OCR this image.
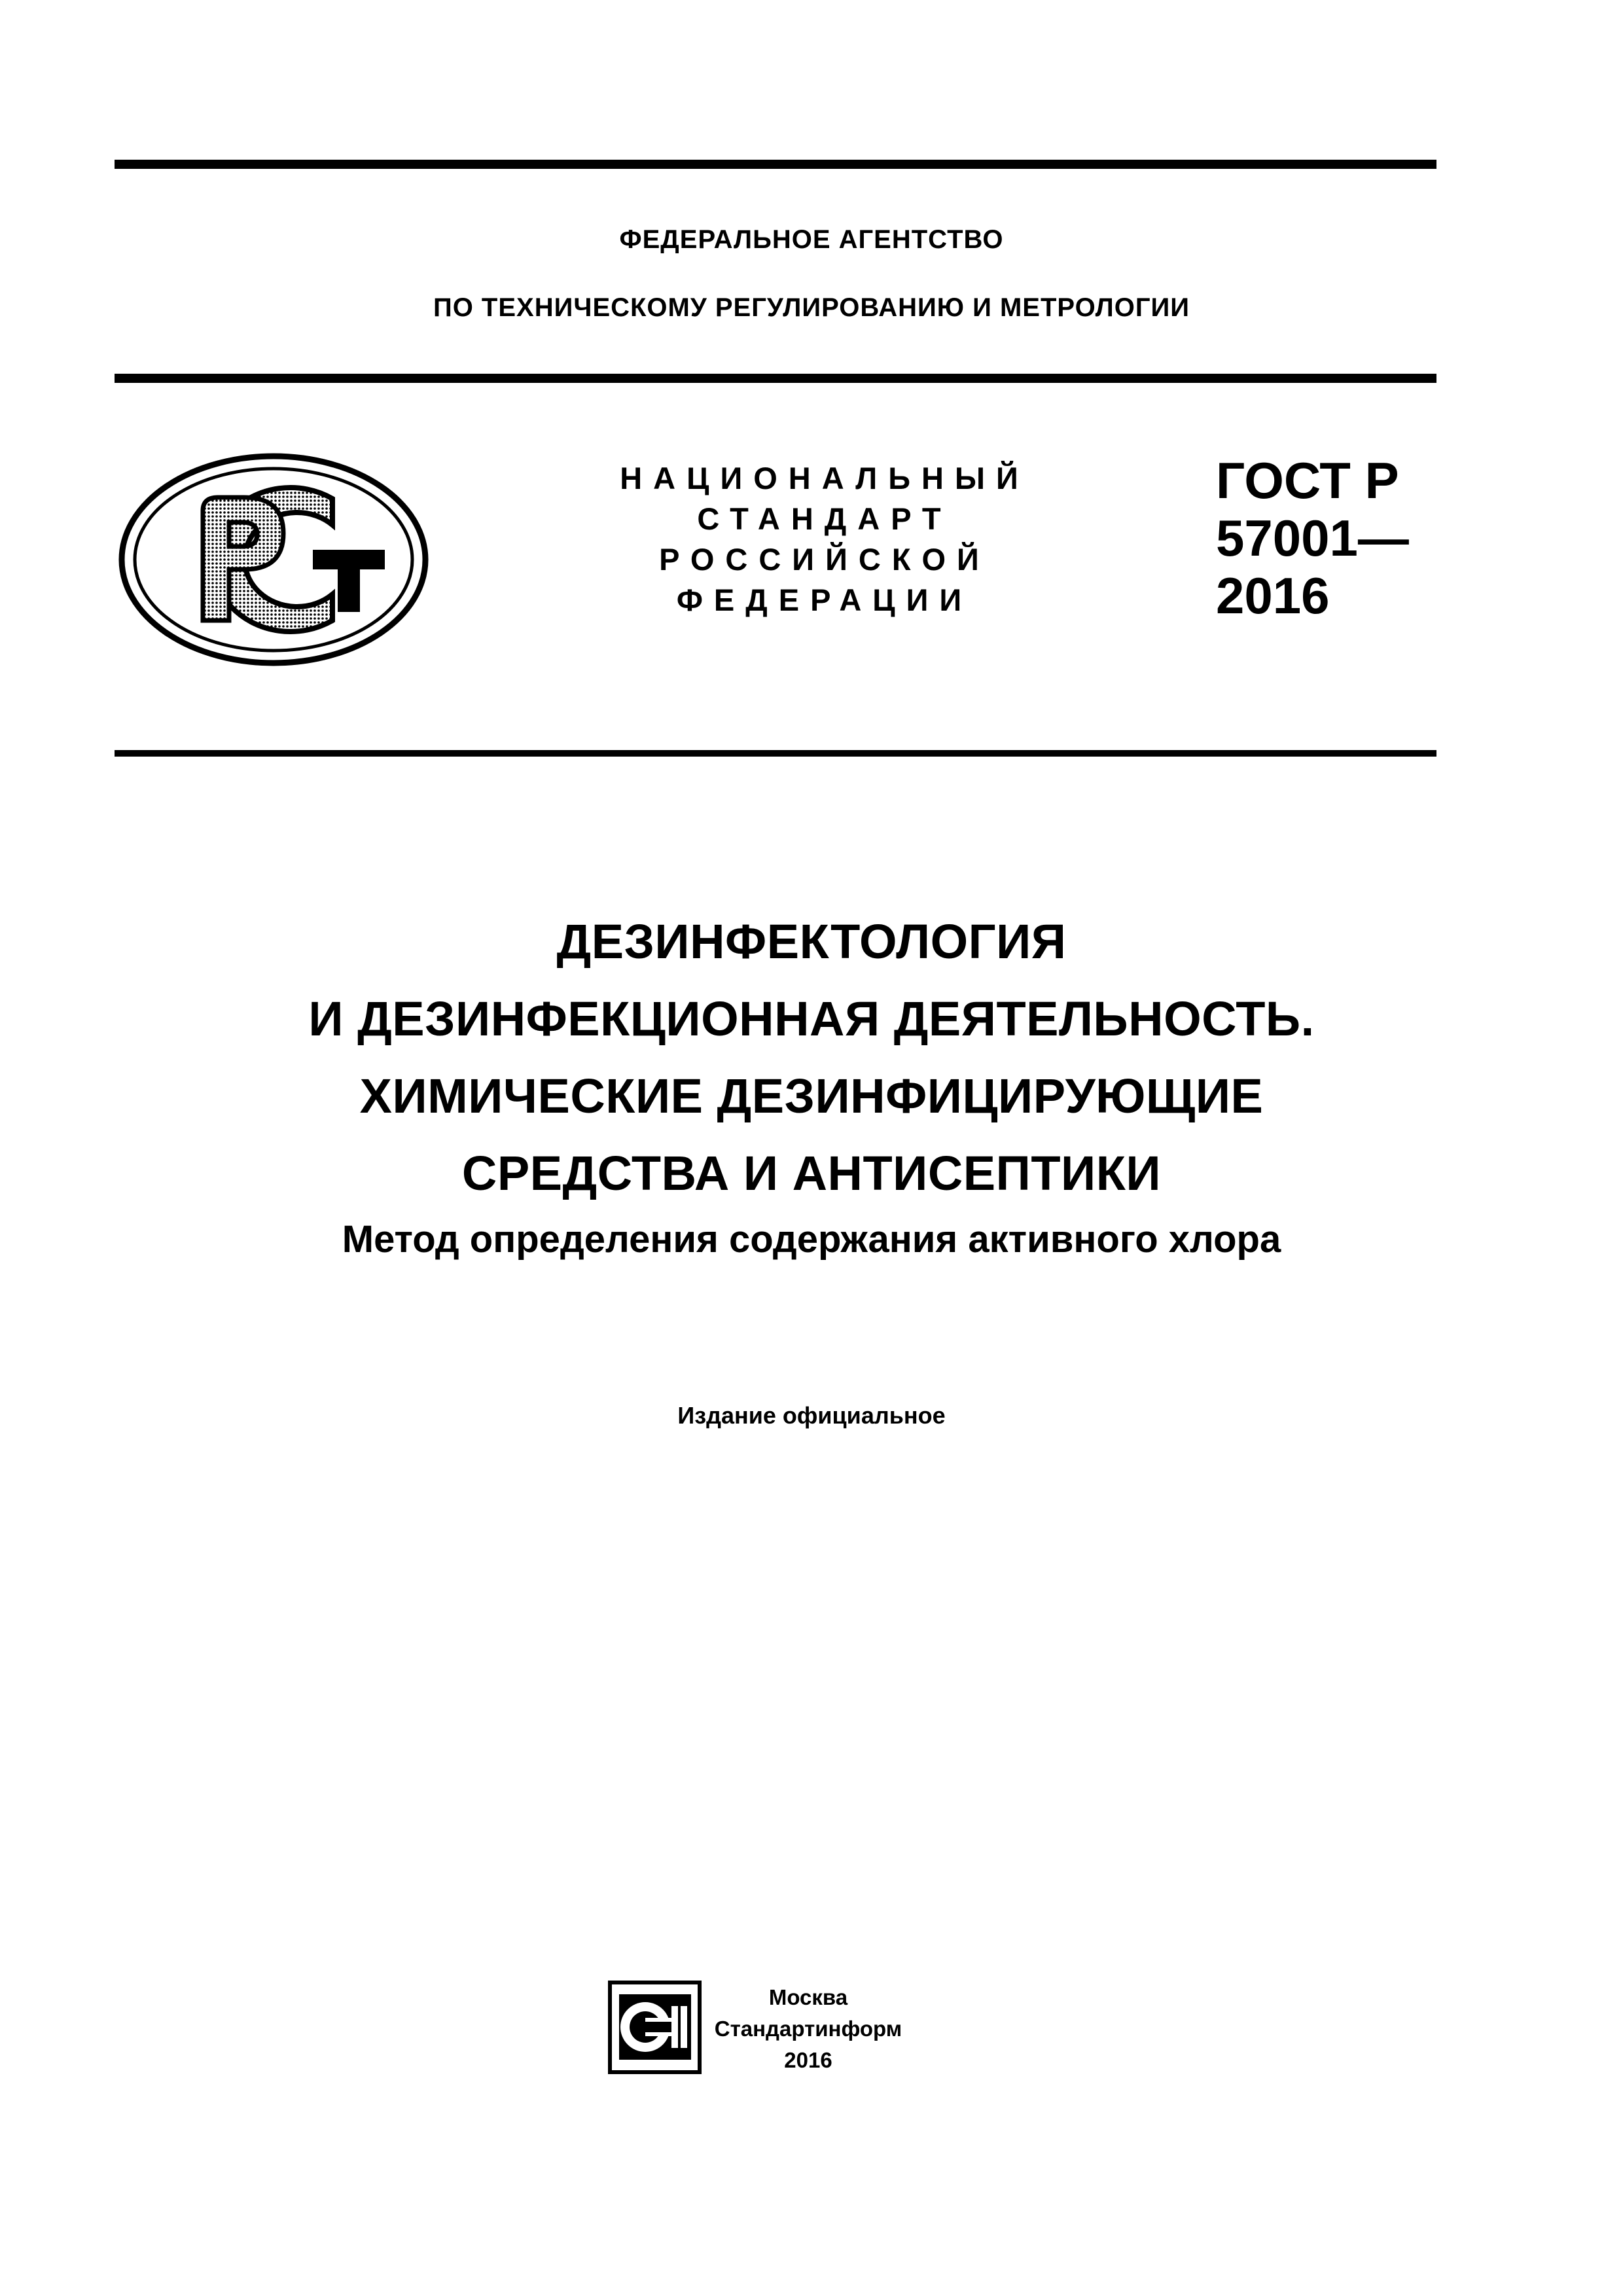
ФЕДЕРАЛЬНОЕ АГЕНТСТВО
ПО ТЕХНИЧЕСКОМУ РЕГУЛИРОВАНИЮ И МЕТРОЛОГИИ
НАЦИОНАЛЬНЫЙ
СТАНДАРТ
РОССИЙСКОЙ
ФЕДЕРАЦИИ
ГОСТ Р
57001—
2016
ДЕЗИНФЕКТОЛОГИЯ
И ДЕЗИНФЕКЦИОННАЯ ДЕЯТЕЛЬНОСТЬ.
ХИМИЧЕСКИЕ ДЕЗИНФИЦИРУЮЩИЕ
СРЕДСТВА И АНТИСЕПТИКИ
Метод определения содержания активного хлора
Издание официальное
Москва
Стандартинформ
2016
